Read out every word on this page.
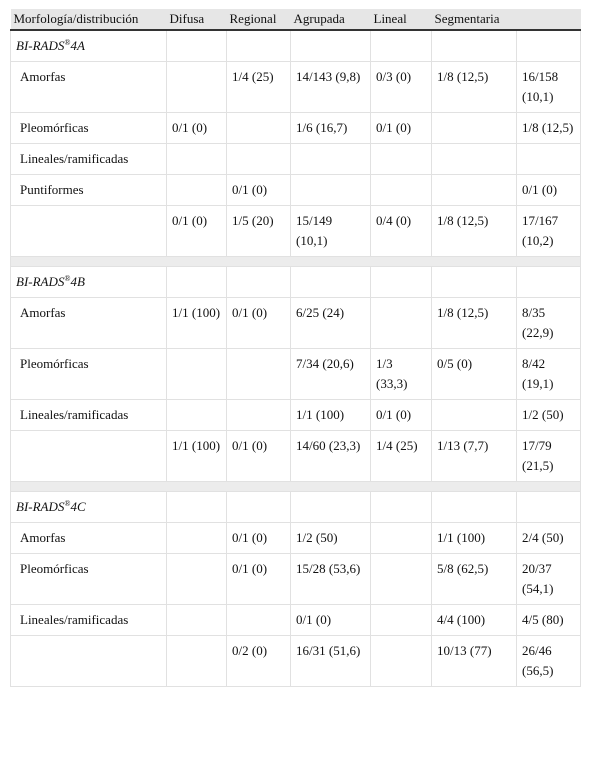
Morfología/distribución	Difusa	Regional	Agrupada	Lineal	Segmentaria	
BI-RADS®4A						
Amorfas		1/4 (25)	14/143 (9,8)	0/3 (0)	1/8 (12,5)	16/158 (10,1)
Pleomórficas	0/1 (0)		1/6 (16,7)	0/1 (0)		1/8 (12,5)
Lineales/ramificadas						
Puntiformes		0/1 (0)				0/1 (0)
	0/1 (0)	1/5 (20)	15/149 (10,1)	0/4 (0)	1/8 (12,5)	17/167 (10,2)

BI-RADS®4B						
Amorfas	1/1 (100)	0/1 (0)	6/25 (24)		1/8 (12,5)	8/35 (22,9)
Pleomórficas			7/34 (20,6)	1/3 (33,3)	0/5 (0)	8/42 (19,1)
Lineales/ramificadas			1/1 (100)	0/1 (0)		1/2 (50)
	1/1 (100)	0/1 (0)	14/60 (23,3)	1/4 (25)	1/13 (7,7)	17/79 (21,5)

BI-RADS®4C						
Amorfas		0/1 (0)	1/2 (50)		1/1 (100)	2/4 (50)
Pleomórficas		0/1 (0)	15/28 (53,6)		5/8 (62,5)	20/37 (54,1)
Lineales/ramificadas			0/1 (0)		4/4 (100)	4/5 (80)
		0/2 (0)	16/31 (51,6)		10/13 (77)	26/46 (56,5)
